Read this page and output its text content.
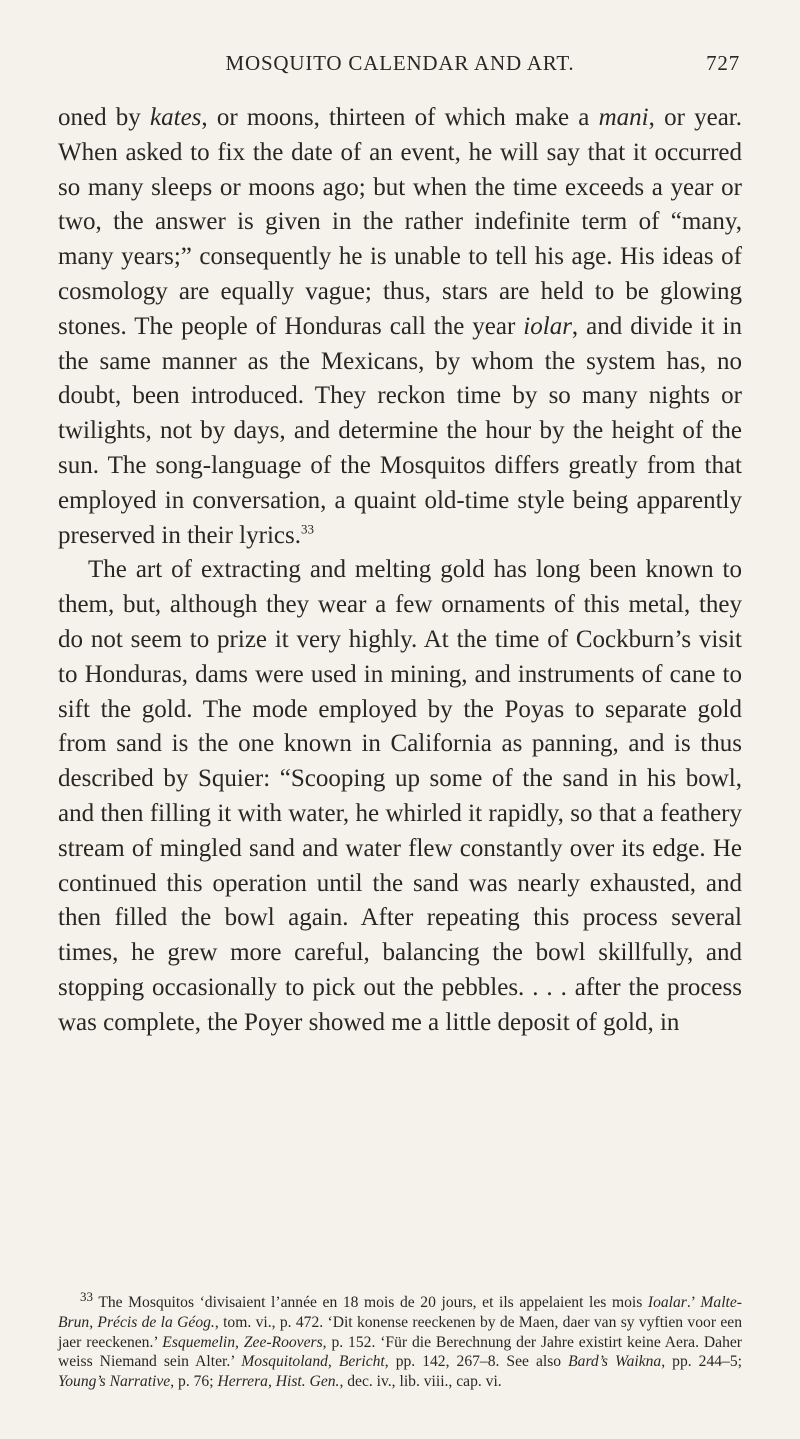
MOSQUITO CALENDAR AND ART.	727

oned by kates, or moons, thirteen of which make a mani, or year. When asked to fix the date of an event, he will say that it occurred so many sleeps or moons ago; but when the time exceeds a year or two, the answer is given in the rather indefinite term of “many, many years;” consequently he is unable to tell his age. His ideas of cosmology are equally vague; thus, stars are held to be glowing stones. The people of Honduras call the year iolar, and divide it in the same manner as the Mexicans, by whom the system has, no doubt, been introduced. They reckon time by so many nights or twilights, not by days, and determine the hour by the height of the sun. The song-language of the Mosquitos differs greatly from that employed in conversation, a quaint old-time style being apparently preserved in their lyrics.$^{33}$

The art of extracting and melting gold has long been known to them, but, although they wear a few ornaments of this metal, they do not seem to prize it very highly. At the time of Cockburn’s visit to Honduras, dams were used in mining, and instruments of cane to sift the gold. The mode employed by the Poyas to separate gold from sand is the one known in California as panning, and is thus described by Squier: “Scooping up some of the sand in his bowl, and then filling it with water, he whirled it rapidly, so that a feathery stream of mingled sand and water flew constantly over its edge. He continued this operation until the sand was nearly exhausted, and then filled the bowl again. After repeating this process several times, he grew more careful, balancing the bowl skillfully, and stopping occasionally to pick out the pebbles. . . . after the process was complete, the Poyer showed me a little deposit of gold, in

$^{33}$ The Mosquitos ‘divisaient l’année en 18 mois de 20 jours, et ils appelaient les mois Ioalar.’ Malte-Brun, Précis de la Géog., tom. vi., p. 472. ‘Dit konense reeckenen by de Maen, daer van sy vyftien voor een jaer reeckenen.’ Esquemelin, Zee-Roovers, p. 152. ‘Für die Berechnung der Jahre existirt keine Aera. Daher weiss Niemand sein Alter.’ Mosquitoland, Bericht, pp. 142, 267–8. See also Bard’s Waikna, pp. 244–5; Young’s Narrative, p. 76; Herrera, Hist. Gen., dec. iv., lib. viii., cap. vi.
